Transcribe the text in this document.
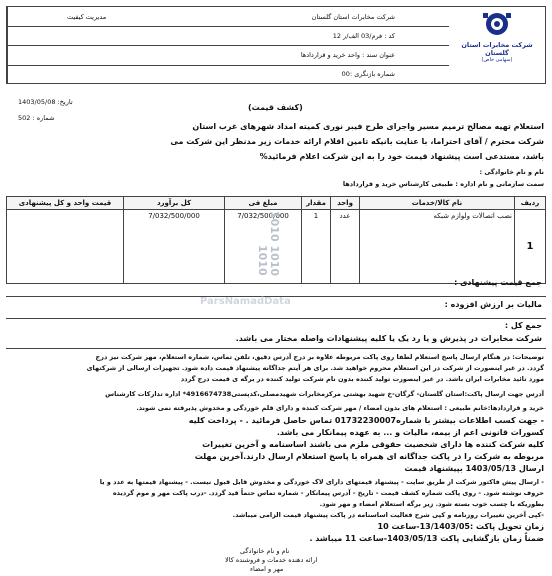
شرکت مخابرات استان گلستان
(سهامی خاص)
شرکت مخابرات استان گلستان
مدیریت کیفیت
کد : فرم/03 الف/ر 12
عنوان سند : واحد خرید و قراردادها
شماره بازنگری :00
تاریخ: 1403/05/08
شماره : 502
(کشف قیمت)
استعلام تهیه مصالح ترمیم مسیر واجرای طرح فیبر نوری کمیته امداد شهرهای غرب استان
شرکت محترم / آقای احتراما، با عنایت بانیکه تامین اقلام ارائه خدمات زیر مدنظر این شرکت می
باشد، مستدعی است پیشنهاد قیمت خود را به این شرکت اعلام فرمائید%
نام و نام خانوادگی :
سمت سازمانی و نام اداره : طبیعی کارشناس خرید و قراردادها
ردیف	نام کالا/خدمات	واحد	مقدار	مبلغ فی	کل برآورد	قیمت واحد و کل پیشنهادی
1	نصب اتصالات ولوازم شبکه	عدد	1	7/032/500/000	7/032/500/000		1010 1010 1010
جمع قیمت پیشنهادی :
مالیات بر ارزش افزوده :
جمع کل :
شرکت مخابرات در پذیرش و یا رد یک یا کلیه پیشنهادات واصله مختار می باشد.
ParsNamadData
توضیحات: در هنگام ارسال پاسخ استعلام لطفا روی پاکت مربوطه علاوه بر درج آدرس دقیق، تلفن تماس، شماره استعلام، مهر شرکت نیز درج
گردد. در غیر اینصورت از شرکت در این استعلام محروم خواهید شد. برای هر آیتم جداگانه پیشنهاد قیمت داده شود. تجهیزات ارسالی از شرکتهای
مورد تائید مخابرات ایران باشد. در غیر اینصورت تولید کننده بدون نام شرکت تولید کننده در برگه ی قیمت درج گردد
آدرس جهت ارسال پاکت:استان گلستان- گرگان-خ شهید بهشتی مرکزمخابرات شهیدمصلی،کدپستی4916674738* اداره تدارکات کارشناس
خرید و قراردادها:خانم طبیعی : استعلام های بدون امضاء / مهر شرکت کننده و دارای قلم خوردگی و مخدوش پذیرفته نمی شوند.
- جهت کسب اطلاعات بیشتر با شماره01732230007 تماس حاصل فرمائید . - پرداخت کلیه
کسورات قانونی اعم از بیمه، مالیات و ... به عهده پیمانکار می باشد.
کلیه شرکت کننده ها دارای شخصیت حقوقی ملزم می باشند اساسنامه و آخرین تغییرات
مربوطه به شرکت را در پاکت جداگانه ای همراه با پاسخ استعلام ارسال دارند.آخرین مهلت
ارسال 1403/05/13 بپیشنهاد قیمت
- ارسال پیش فاکتور شرکت از طریق سایت - پیشنهاد قیمتهای دارای لاک خوردگی و مخدوش قابل قبول نیست. - پیشنهاد قیمتها به عدد و یا
حروف نوشته شود. - روی پاکت شماره کشف قیمت - تاریخ - آدرس پیمانکار - شماره تماس حتماً قید گردد. -درب پاکت مهر و موم گردیده
بطوریکه با چسب خوب بسته شود. زیر برگه استعلام امضاء و مهر شود.
-کپی آخرین تغییرات روزنامه و کپی شرح فعالیت اساسنامه در پاکت پیشنهاد قیمت الزامی میباشد.
زمان تحویل پاکت :13/1403/05-ساعت 10
ضمناً زمان بازگشایی پاکت 1403/05/13-ساعت 11 میباشد .
نام و نام خانوادگی
ارائه دهنده خدمات و فروشنده کالا
مهر و امضاء
